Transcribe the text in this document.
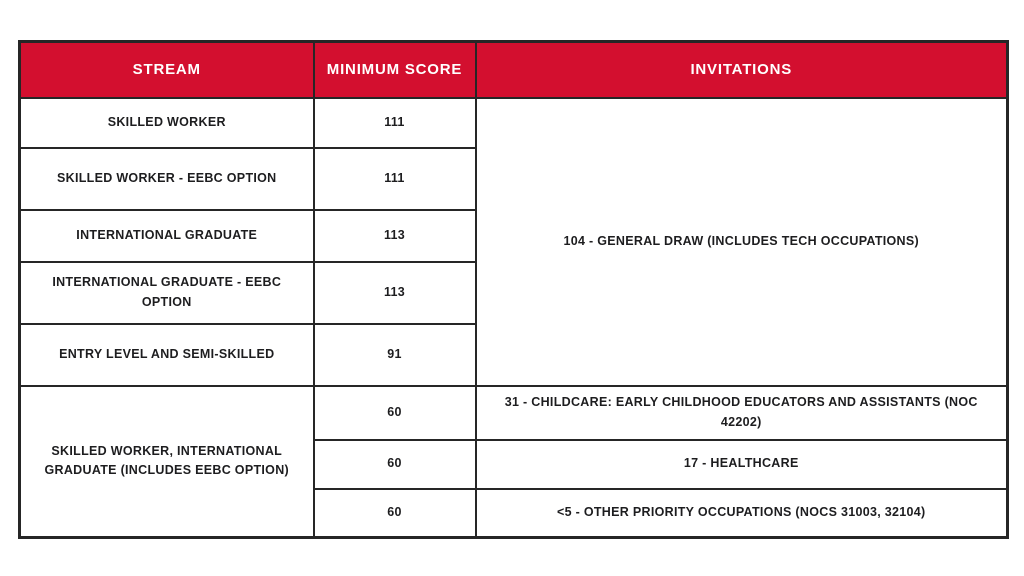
STREAM	MINIMUM SCORE	INVITATIONS
SKILLED WORKER	111	104 - GENERAL DRAW (INCLUDES TECH OCCUPATIONS)
SKILLED WORKER - EEBC OPTION	111	
INTERNATIONAL GRADUATE	113	
INTERNATIONAL GRADUATE - EEBC OPTION	113	
ENTRY LEVEL AND SEMI-SKILLED	91	
SKILLED WORKER, INTERNATIONAL GRADUATE (INCLUDES EEBC OPTION)	60	31 - CHILDCARE: EARLY CHILDHOOD EDUCATORS AND ASSISTANTS (NOC 42202)
	60	17 - HEALTHCARE
	60	<5 - OTHER PRIORITY OCCUPATIONS (NOCS 31003, 32104)
